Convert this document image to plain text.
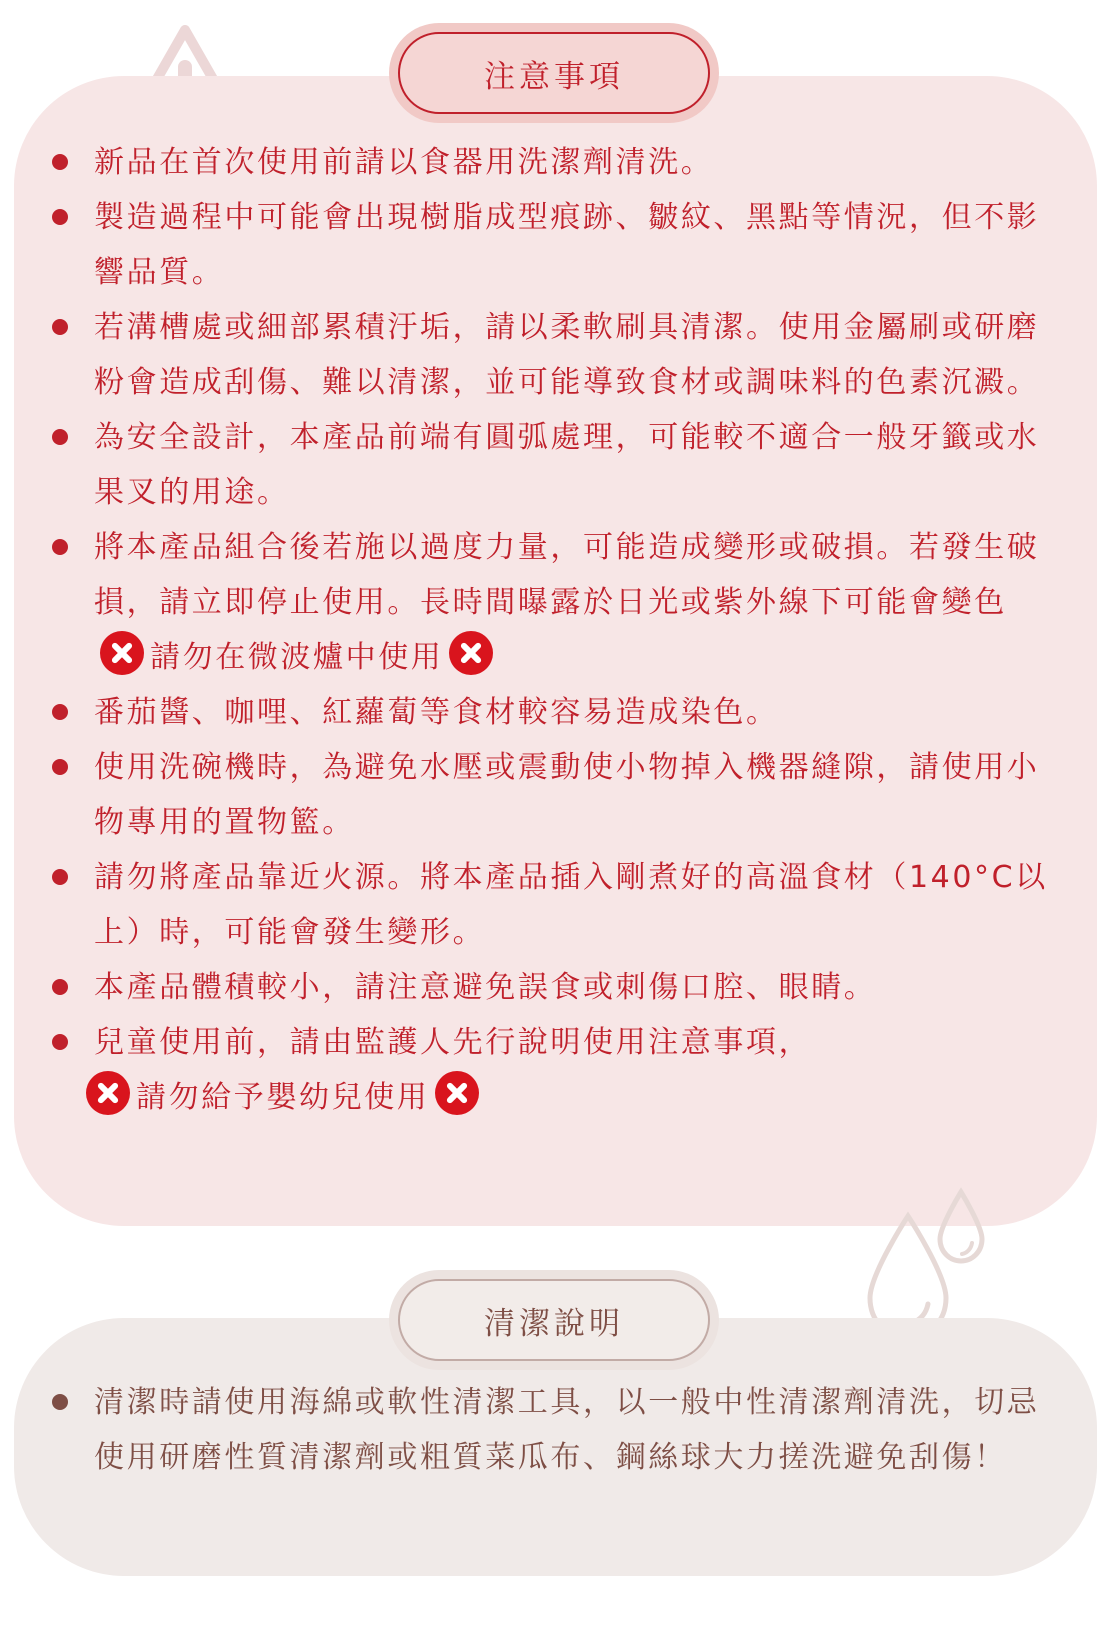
注意事項
新品在首次使用前請以食器用洗潔劑清洗。
製造過程中可能會出現樹脂成型痕跡、皺紋、黑點等情況，但不影響品質。
若溝槽處或細部累積汙垢，請以柔軟刷具清潔。使用金屬刷或研磨粉會造成刮傷、難以清潔，並可能導致食材或調味料的色素沉澱。
為安全設計，本產品前端有圓弧處理，可能較不適合一般牙籤或水果叉的用途。
將本產品組合後若施以過度力量，可能造成變形或破損。若發生破損，請立即停止使用。長時間曝露於日光或紫外線下可能會變色請勿在微波爐中使用
番茄醬、咖哩、紅蘿蔔等食材較容易造成染色。
使用洗碗機時，為避免水壓或震動使小物掉入機器縫隙，請使用小物專用的置物籃。
請勿將產品靠近火源。將本產品插入剛煮好的高溫食材（140°C以上）時，可能會發生變形。
本產品體積較小，請注意避免誤食或刺傷口腔、眼睛。
兒童使用前，請由監護人先行說明使用注意事項，
請勿給予嬰幼兒使用
清潔說明
清潔時請使用海綿或軟性清潔工具，以一般中性清潔劑清洗，切忌使用研磨性質清潔劑或粗質菜瓜布、鋼絲球大力搓洗避免刮傷！
